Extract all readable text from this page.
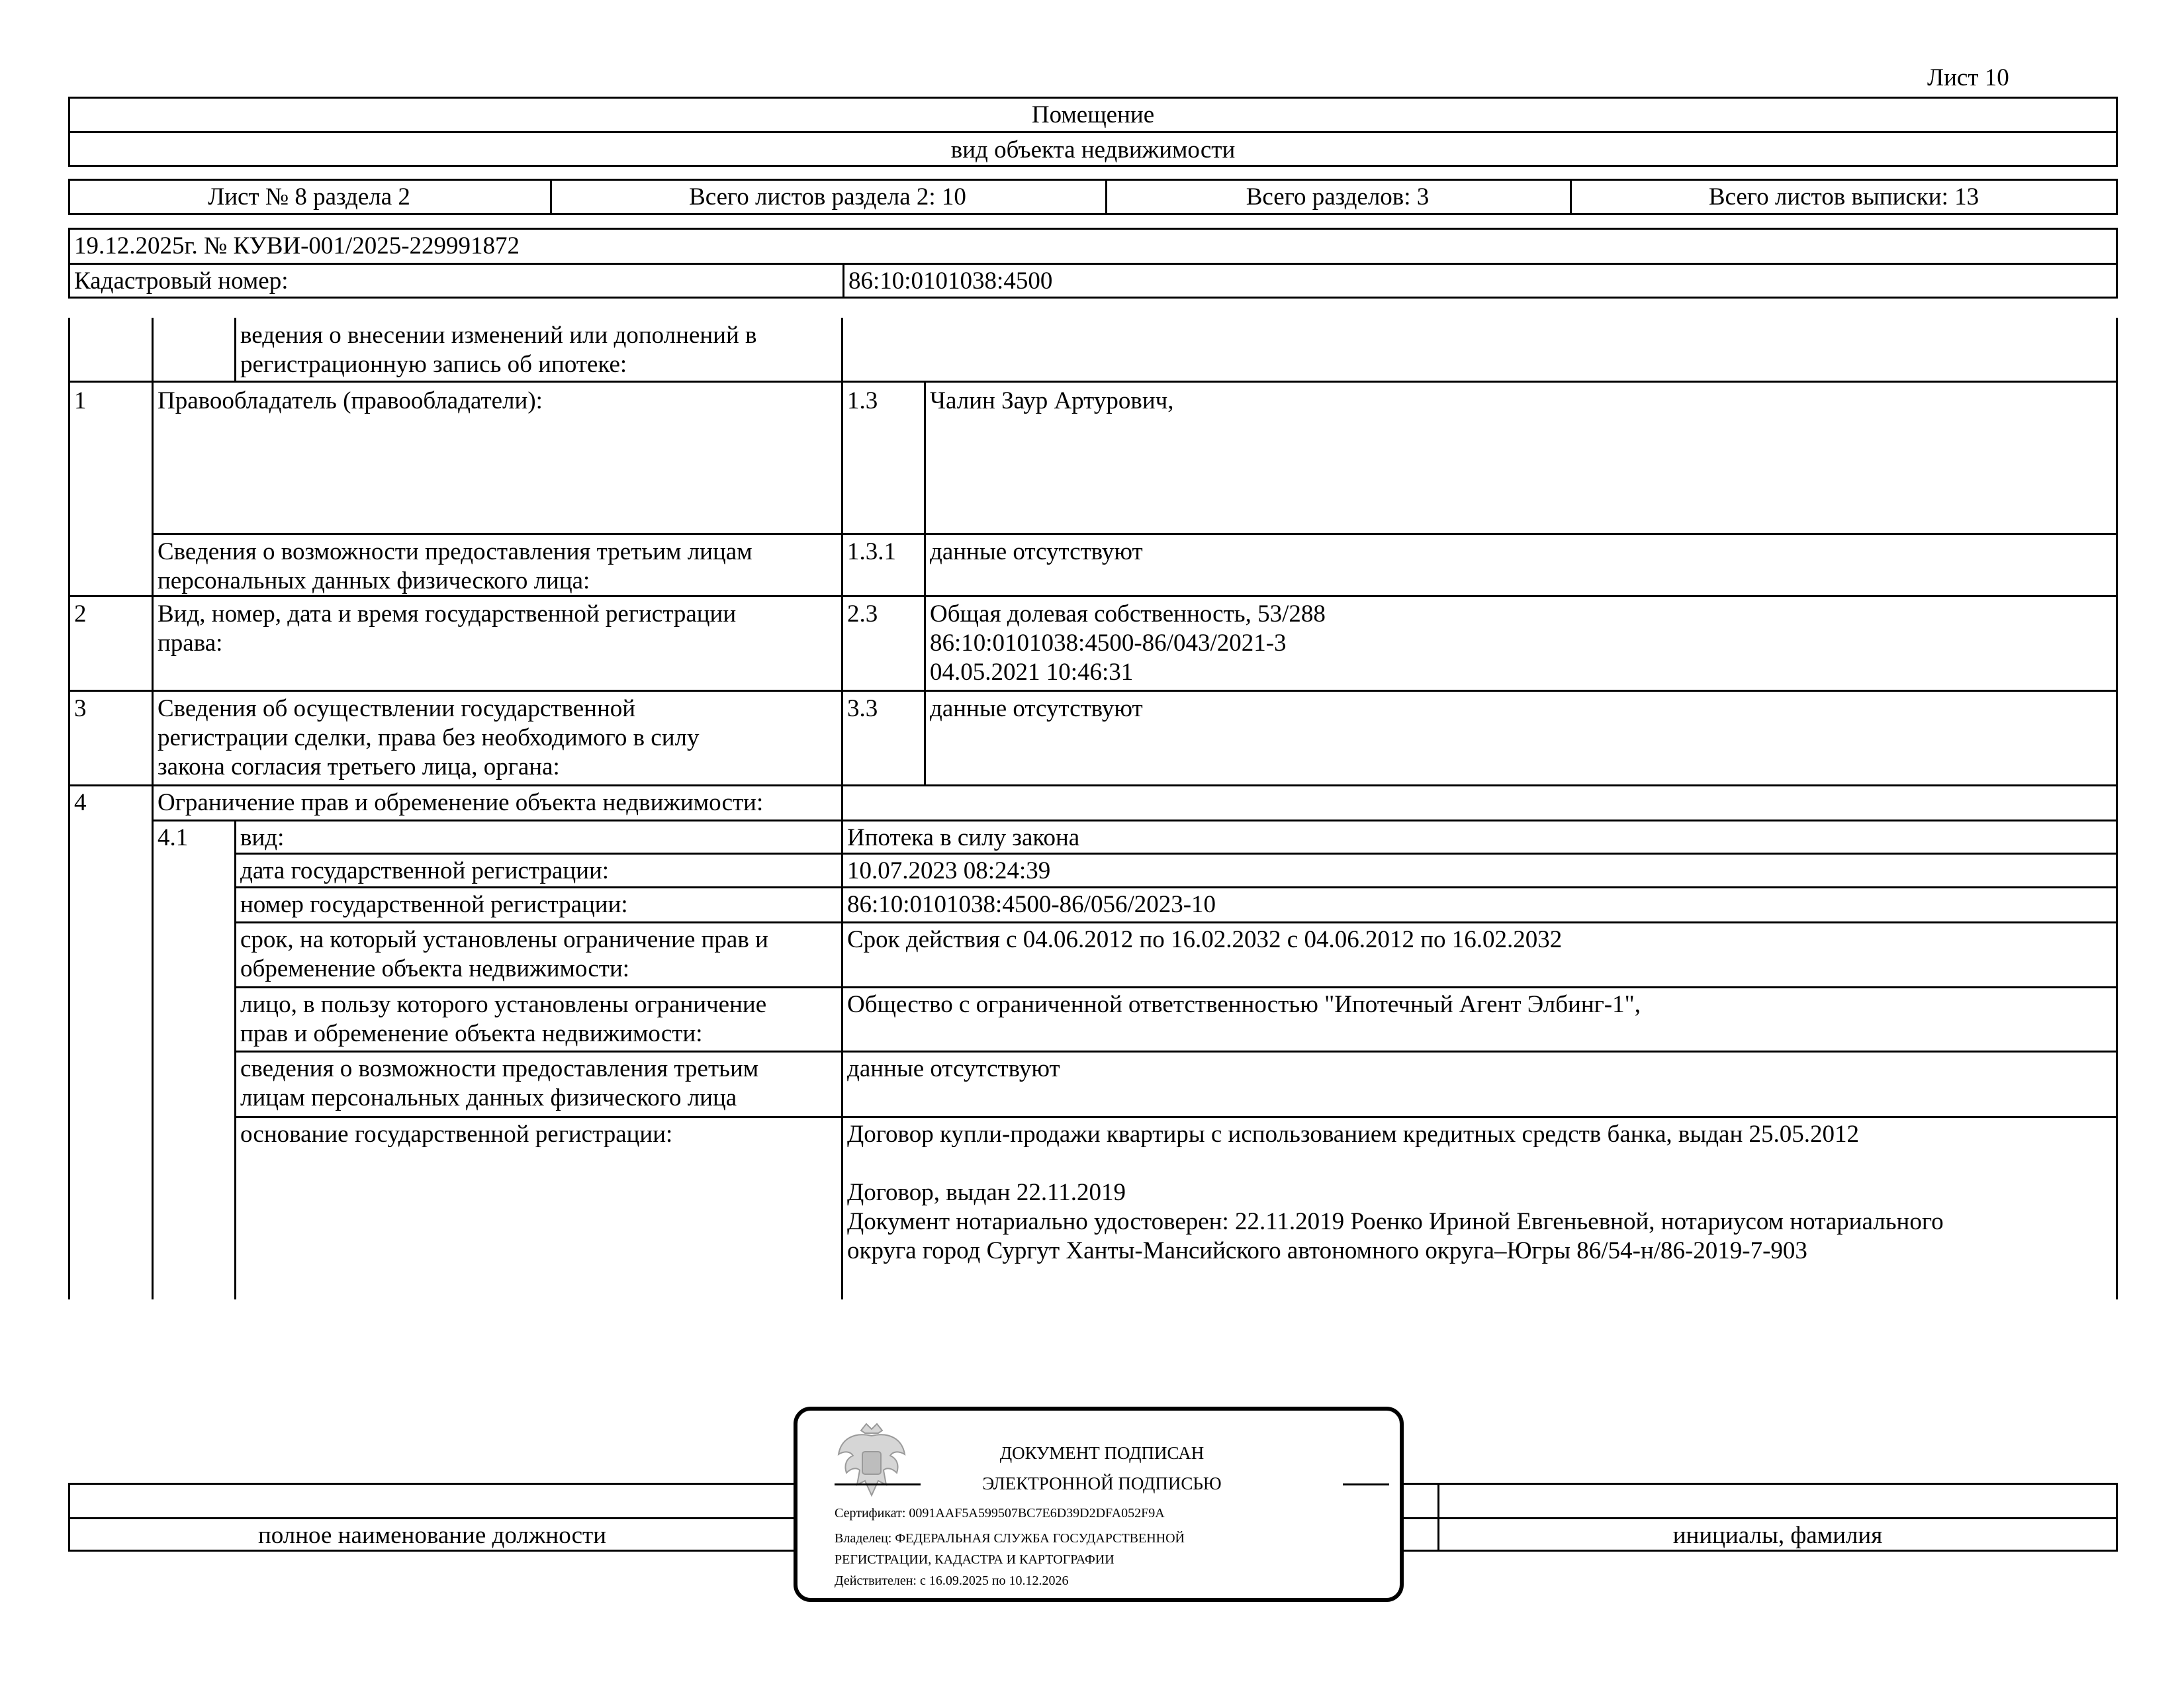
Лист 10
Помещение
вид объекта недвижимости
Лист № 8 раздела 2	Всего листов раздела 2: 10	Всего разделов: 3	Всего листов выписки: 13
19.12.2025г. № КУВИ-001/2025-229991872
Кадастровый номер:	86:10:0101038:4500
ведения о внесении изменений или дополнений в
регистрационную запись об ипотеке:
1	Правообладатель (правообладатели):	1.3 Чалин Заур Артурович,
Сведения о возможности предоставления третьим лицам
персональных данных физического лица:
1.3.1 данные отсутствуют
2	Вид, номер, дата и время государственной регистрации
права:
2.3 Общая долевая собственность, 53/288
86:10:0101038:4500-86/043/2021-3
04.05.2021 10:46:31
3	Сведения об осуществлении государственной
регистрации сделки, права без необходимого в силу
закона согласия третьего лица, органа:
3.3 данные отсутствуют
4	Ограничение прав и обременение объекта недвижимости:
4.1 вид:	Ипотека в силу закона
дата государственной регистрации:	10.07.2023 08:24:39
номер государственной регистрации:	86:10:0101038:4500-86/056/2023-10
срок, на который установлены ограничение прав и
обременение объекта недвижимости:
Срок действия с 04.06.2012 по 16.02.2032 с 04.06.2012 по 16.02.2032
лицо, в пользу которого установлены ограничение
прав и обременение объекта недвижимости:
Общество с ограниченной ответственностью "Ипотечный Агент Элбинг-1",
сведения о возможности предоставления третьим
лицам персональных данных физического лица
данные отсутствуют
основание государственной регистрации:	Договор купли-продажи квартиры с использованием кредитных средств банка, выдан 25.05.2012

Договор, выдан 22.11.2019
Документ нотариально удостоверен: 22.11.2019 Роенко Ириной Евгеньевной, нотариусом нотариального
округа город Сургут Ханты-Мансийского автономного округа–Югры 86/54-н/86-2019-7-903
полное наименование должности	инициалы, фамилия
ДОКУМЕНТ ПОДПИСАН
ЭЛЕКТРОННОЙ ПОДПИСЬЮ
Сертификат: 0091AAF5A599507BC7E6D39D2DFA052F9A
Владелец: ФЕДЕРАЛЬНАЯ СЛУЖБА ГОСУДАРСТВЕННОЙ
РЕГИСТРАЦИИ, КАДАСТРА И КАРТОГРАФИИ
Действителен: с 16.09.2025 по 10.12.2026
